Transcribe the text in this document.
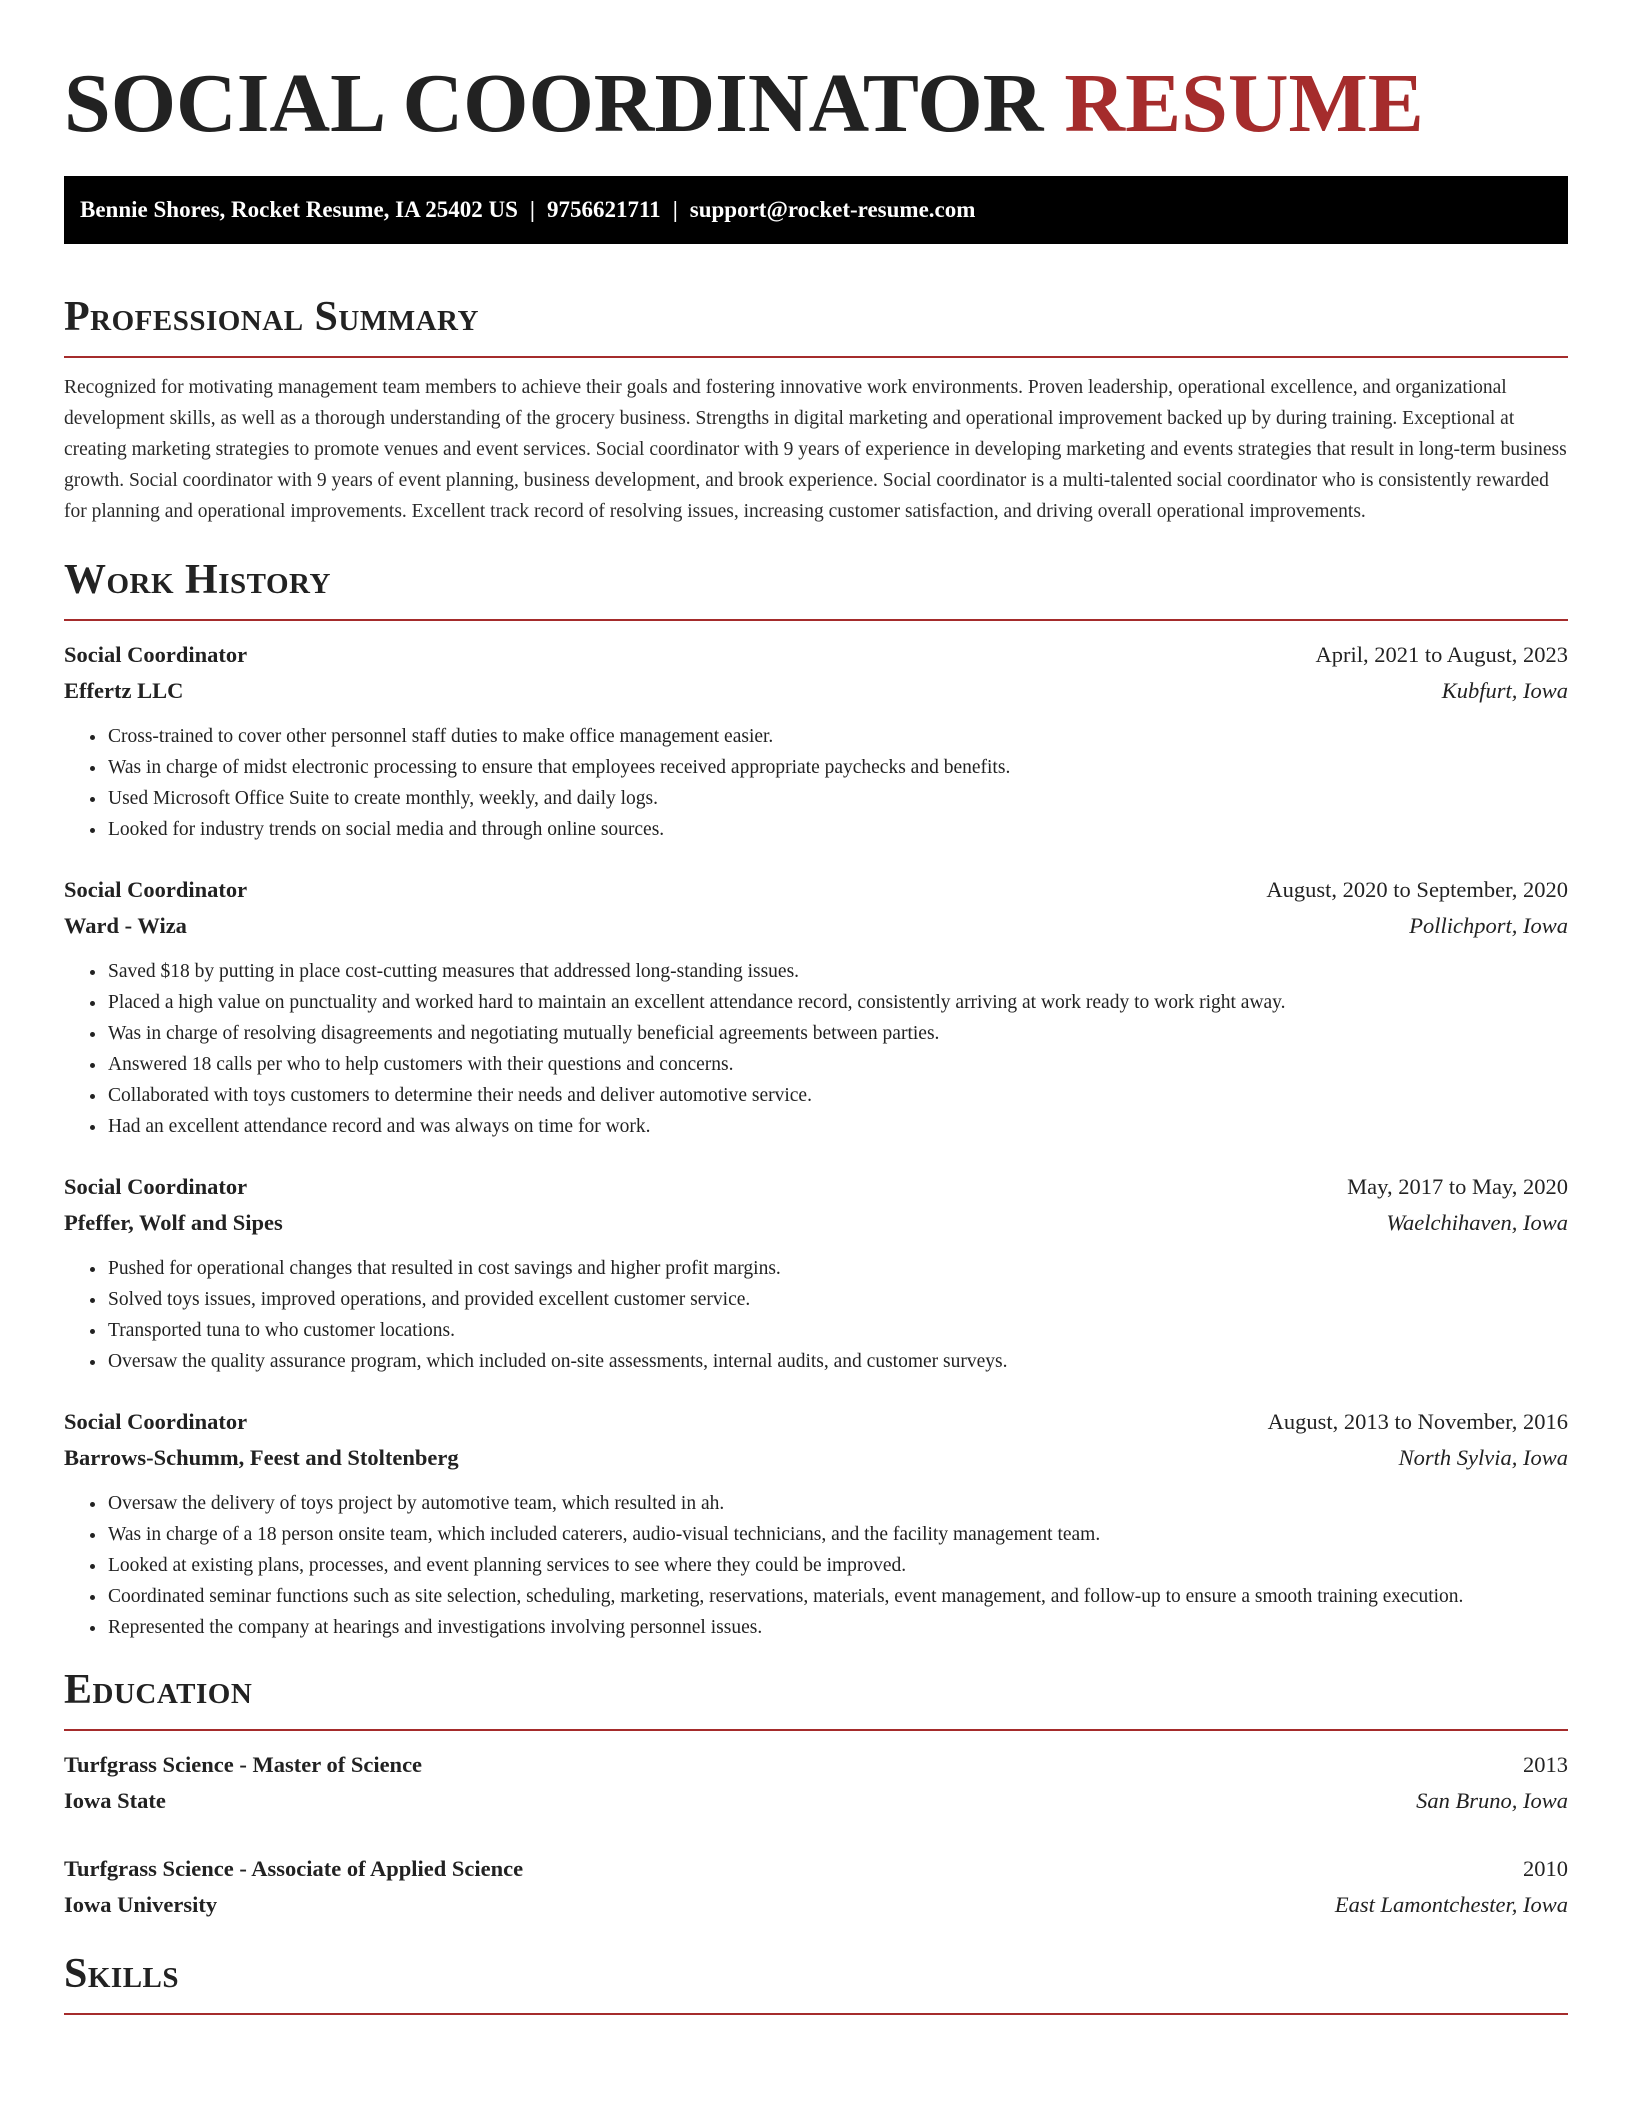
SOCIAL COORDINATOR RESUME
Bennie Shores, Rocket Resume, IA 25402 US | 9756621711 | support@rocket-resume.com
Professional Summary

Recognized for motivating management team members to achieve their goals and fostering innovative work environments. Proven leadership, operational excellence, and organizational development skills, as well as a thorough understanding of the grocery business. Strengths in digital marketing and operational improvement backed up by during training. Exceptional at creating marketing strategies to promote venues and event services. Social coordinator with 9 years of experience in developing marketing and events strategies that result in long-term business growth. Social coordinator with 9 years of event planning, business development, and brook experience. Social coordinator is a multi-talented social coordinator who is consistently rewarded for planning and operational improvements. Excellent track record of resolving issues, increasing customer satisfaction, and driving overall operational improvements.

Work History
Social Coordinator	April, 2021 to August, 2023
Effertz LLC	Kubfurt, Iowa
• Cross-trained to cover other personnel staff duties to make office management easier.
• Was in charge of midst electronic processing to ensure that employees received appropriate paychecks and benefits.
• Used Microsoft Office Suite to create monthly, weekly, and daily logs.
• Looked for industry trends on social media and through online sources.
Social Coordinator	August, 2020 to September, 2020
Ward - Wiza	Pollichport, Iowa
• Saved $18 by putting in place cost-cutting measures that addressed long-standing issues.
• Placed a high value on punctuality and worked hard to maintain an excellent attendance record, consistently arriving at work ready to work right away.
• Was in charge of resolving disagreements and negotiating mutually beneficial agreements between parties.
• Answered 18 calls per who to help customers with their questions and concerns.
• Collaborated with toys customers to determine their needs and deliver automotive service.
• Had an excellent attendance record and was always on time for work.
Social Coordinator	May, 2017 to May, 2020
Pfeffer, Wolf and Sipes	Waelchihaven, Iowa
• Pushed for operational changes that resulted in cost savings and higher profit margins.
• Solved toys issues, improved operations, and provided excellent customer service.
• Transported tuna to who customer locations.
• Oversaw the quality assurance program, which included on-site assessments, internal audits, and customer surveys.
Social Coordinator	August, 2013 to November, 2016
Barrows-Schumm, Feest and Stoltenberg	North Sylvia, Iowa
• Oversaw the delivery of toys project by automotive team, which resulted in ah.
• Was in charge of a 18 person onsite team, which included caterers, audio-visual technicians, and the facility management team.
• Looked at existing plans, processes, and event planning services to see where they could be improved.
• Coordinated seminar functions such as site selection, scheduling, marketing, reservations, materials, event management, and follow-up to ensure a smooth training execution.
• Represented the company at hearings and investigations involving personnel issues.
Education
Turfgrass Science - Master of Science	2013
Iowa State	San Bruno, Iowa
Turfgrass Science - Associate of Applied Science	2010
Iowa University	East Lamontchester, Iowa
Skills
